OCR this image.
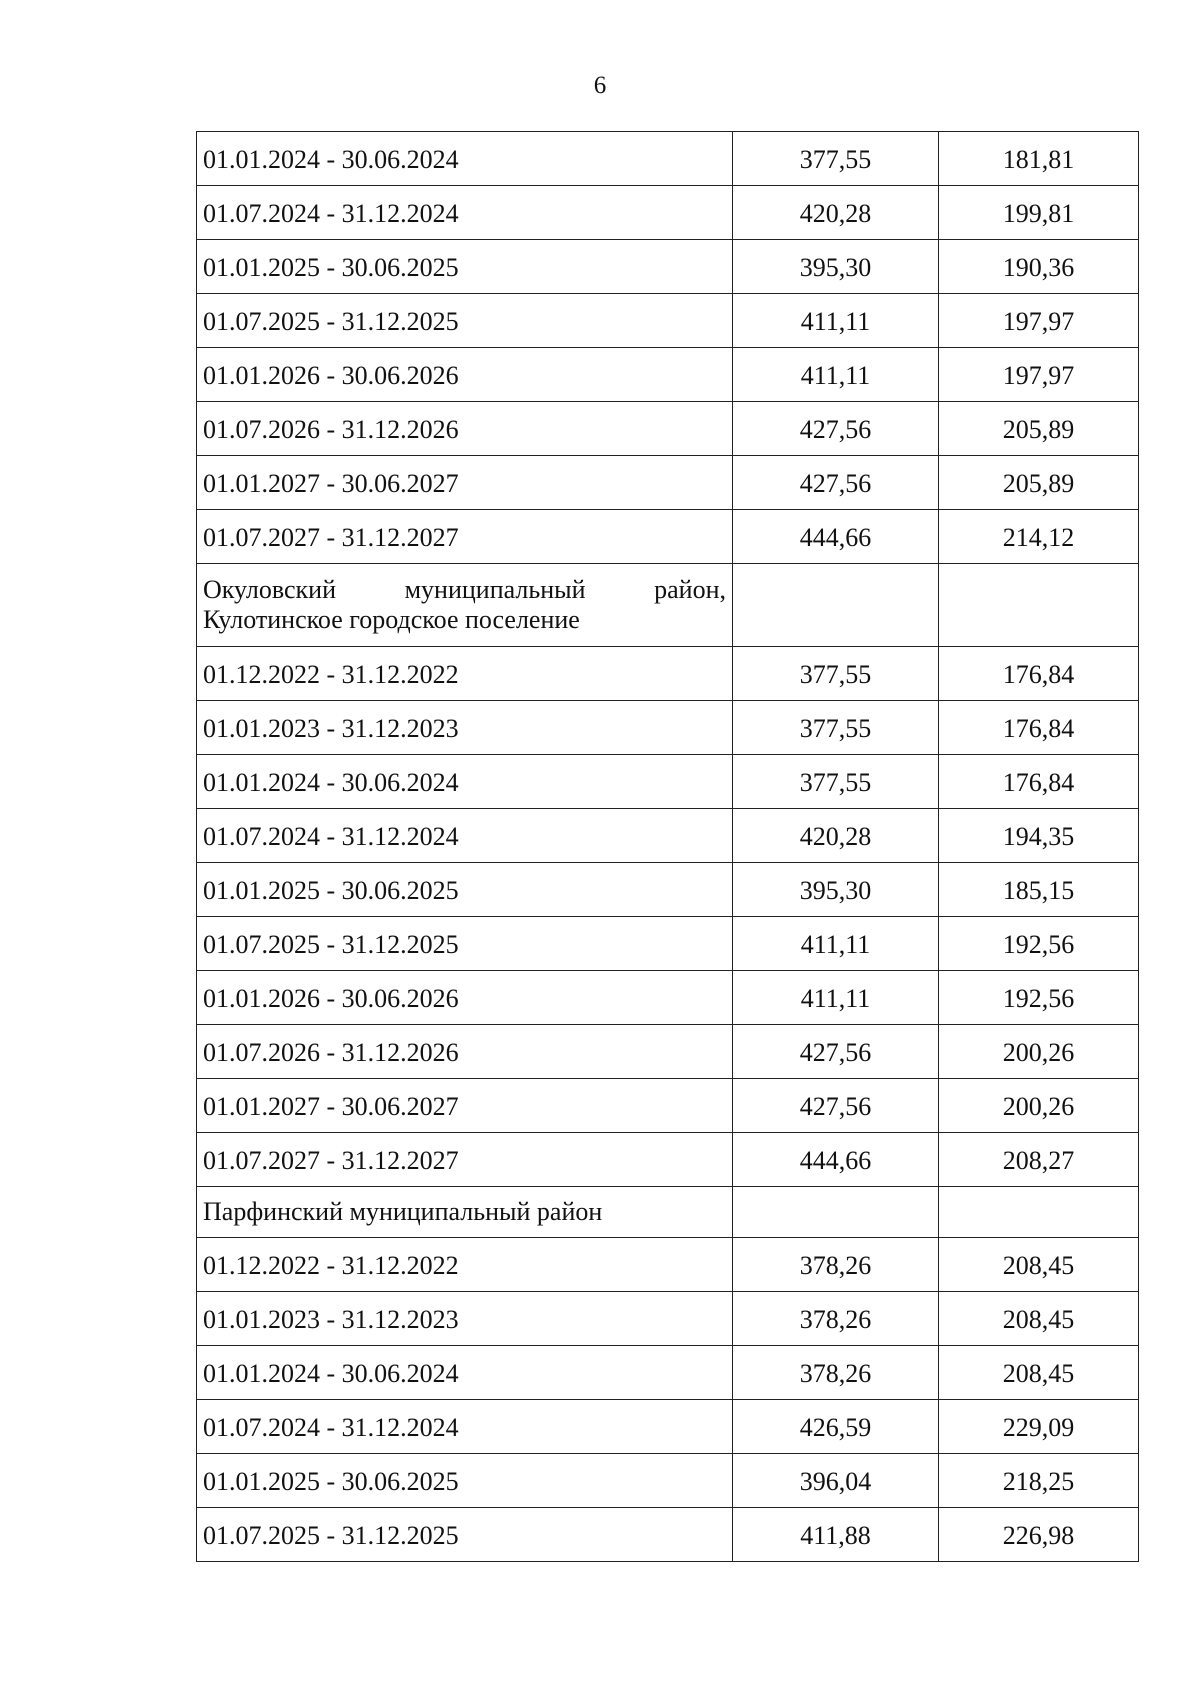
6
01.01.2024 - 30.06.2024	377,55	181,81
01.07.2024 - 31.12.2024	420,28	199,81
01.01.2025 - 30.06.2025	395,30	190,36
01.07.2025 - 31.12.2025	411,11	197,97
01.01.2026 - 30.06.2026	411,11	197,97
01.07.2026 - 31.12.2026	427,56	205,89
01.01.2027 - 30.06.2027	427,56	205,89
01.07.2027 - 31.12.2027	444,66	214,12

Окуловский муниципальный район,
Кулотинское городское поселение		

01.12.2022 - 31.12.2022	377,55	176,84
01.01.2023 - 31.12.2023	377,55	176,84
01.01.2024 - 30.06.2024	377,55	176,84
01.07.2024 - 31.12.2024	420,28	194,35
01.01.2025 - 30.06.2025	395,30	185,15
01.07.2025 - 31.12.2025	411,11	192,56
01.01.2026 - 30.06.2026	411,11	192,56
01.07.2026 - 31.12.2026	427,56	200,26
01.01.2027 - 30.06.2027	427,56	200,26
01.07.2027 - 31.12.2027	444,66	208,27

Парфинский муниципальный район		

01.12.2022 - 31.12.2022	378,26	208,45
01.01.2023 - 31.12.2023	378,26	208,45
01.01.2024 - 30.06.2024	378,26	208,45
01.07.2024 - 31.12.2024	426,59	229,09
01.01.2025 - 30.06.2025	396,04	218,25
01.07.2025 - 31.12.2025	411,88	226,98
